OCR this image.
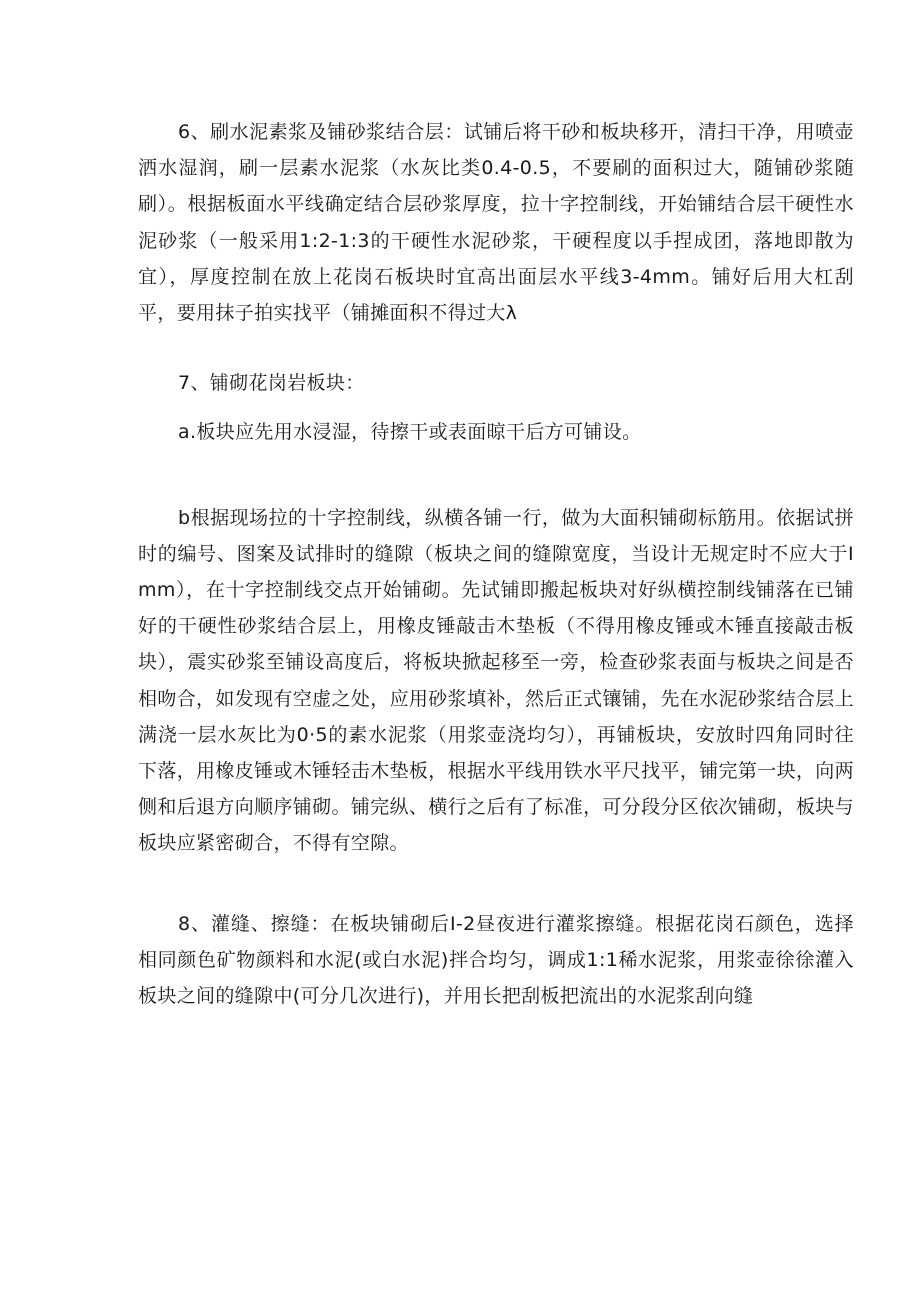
6、刷水泥素浆及铺砂浆结合层：试铺后将干砂和板块移开，清扫干净，用喷壶洒水湿润，刷一层素水泥浆（水灰比类0.4-0.5，不要刷的面积过大，随铺砂浆随刷）。根据板面水平线确定结合层砂浆厚度，拉十字控制线，开始铺结合层干硬性水泥砂浆（一般采用1:2-1:3的干硬性水泥砂浆，干硬程度以手捏成团，落地即散为宜），厚度控制在放上花岗石板块时宜高出面层水平线3-4mm。铺好后用大杠刮平，要用抹子拍实找平（铺摊面积不得过大λ

7、铺砌花岗岩板块：

a.板块应先用水浸湿，待擦干或表面晾干后方可铺设。

b根据现场拉的十字控制线，纵横各铺一行，做为大面积铺砌标筋用。依据试拼时的编号、图案及试排时的缝隙（板块之间的缝隙宽度，当设计无规定时不应大于Imm），在十字控制线交点开始铺砌。先试铺即搬起板块对好纵横控制线铺落在已铺好的干硬性砂浆结合层上，用橡皮锤敲击木垫板（不得用橡皮锤或木锤直接敲击板块），震实砂浆至铺设高度后，将板块掀起移至一旁，检查砂浆表面与板块之间是否相吻合，如发现有空虚之处，应用砂浆填补，然后正式镶铺，先在水泥砂浆结合层上满浇一层水灰比为0·5的素水泥浆（用浆壶浇均匀），再铺板块，安放时四角同时往下落，用橡皮锤或木锤轻击木垫板，根据水平线用铁水平尺找平，铺完第一块，向两侧和后退方向顺序铺砌。铺完纵、横行之后有了标准，可分段分区依次铺砌，板块与板块应紧密砌合，不得有空隙。

8、灌缝、擦缝：在板块铺砌后I-2昼夜进行灌浆擦缝。根据花岗石颜色，选择相同颜色矿物颜料和水泥(或白水泥)拌合均匀，调成1:1稀水泥浆，用浆壶徐徐灌入板块之间的缝隙中(可分几次进行)，并用长把刮板把流出的水泥浆刮向缝
